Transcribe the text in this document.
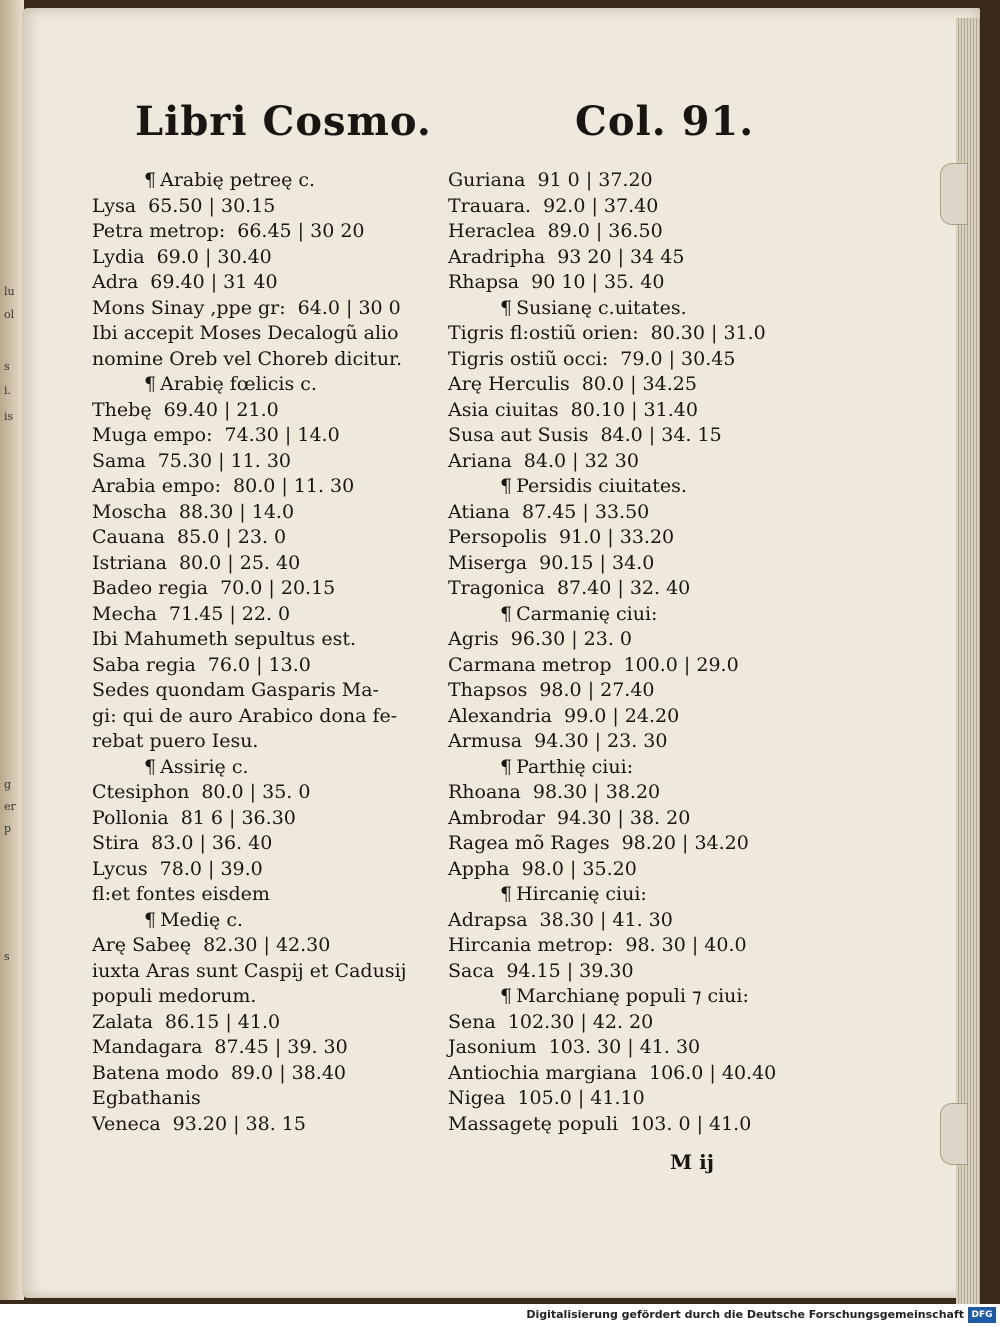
lu
ol
s
i.
is
g
er
p
s
Libri Cosmo.	Col. 91.
¶ Arabię petreę c.
Lysa 65.50 | 30.15
Petra metrop: 66.45 | 30 20
Lydia 69.0 | 30.40
Adra 69.40 | 31 40
Mons Sinay ,ppe gr: 64.0 | 30 0
Ibi accepit Moses Decalogũ alio
nomine Oreb vel Choreb dicitur.
¶ Arabię fœlicis c.
Thebę 69.40 | 21.0
Muga empo: 74.30 | 14.0
Sama 75.30 | 11. 30
Arabia empo: 80.0 | 11. 30
Moscha 88.30 | 14.0
Cauana 85.0 | 23. 0
Istriana 80.0 | 25. 40
Badeo regia 70.0 | 20.15
Mecha 71.45 | 22. 0
Ibi Mahumeth sepultus est.
Saba regia 76.0 | 13.0
Sedes quondam Gasparis Ma-
gi: qui de auro Arabico dona fe-
rebat puero Iesu.
¶ Assirię c.
Ctesiphon 80.0 | 35. 0
Pollonia 81 6 | 36.30
Stira 83.0 | 36. 40
Lycus 78.0 | 39.0
fl:et fontes eisdem
¶ Medię c.
Arę Sabeę 82.30 | 42.30
iuxta Aras sunt Caspij et Cadusij
populi medorum.
Zalata 86.15 | 41.0
Mandagara 87.45 | 39. 30
Batena modo 89.0 | 38.40
Egbathanis
Veneca 93.20 | 38. 15
Guriana 91 0 | 37.20
Trauara. 92.0 | 37.40
Heraclea 89.0 | 36.50
Aradripha 93 20 | 34 45
Rhapsa 90 10 | 35. 40
¶ Susianę c.uitates.
Tigris fl:ostiũ orien: 80.30 | 31.0
Tigris ostiũ occi: 79.0 | 30.45
Arę Herculis 80.0 | 34.25
Asia ciuitas 80.10 | 31.40
Susa aut Susis 84.0 | 34. 15
Ariana 84.0 | 32 30
¶ Persidis ciuitates.
Atiana 87.45 | 33.50
Persopolis 91.0 | 33.20
Miserga 90.15 | 34.0
Tragonica 87.40 | 32. 40
¶ Carmanię ciui:
Agris 96.30 | 23. 0
Carmana metrop 100.0 | 29.0
Thapsos 98.0 | 27.40
Alexandria 99.0 | 24.20
Armusa 94.30 | 23. 30
¶ Parthię ciui:
Rhoana 98.30 | 38.20
Ambrodar 94.30 | 38. 20
Ragea mõ Rages 98.20 | 34.20
Appha 98.0 | 35.20
¶ Hircanię ciui:
Adrapsa 38.30 | 41. 30
Hircania metrop: 98. 30 | 40.0
Saca 94.15 | 39.30
¶ Marchianę populi ⁊ ciui:
Sena 102.30 | 42. 20
Jasonium 103. 30 | 41. 30
Antiochia margiana 106.0 | 40.40
Nigea 105.0 | 41.10
Massagetę populi 103. 0 | 41.0
M ij
Digitalisierung gefördert durch die Deutsche Forschungsgemeinschaft DFG
